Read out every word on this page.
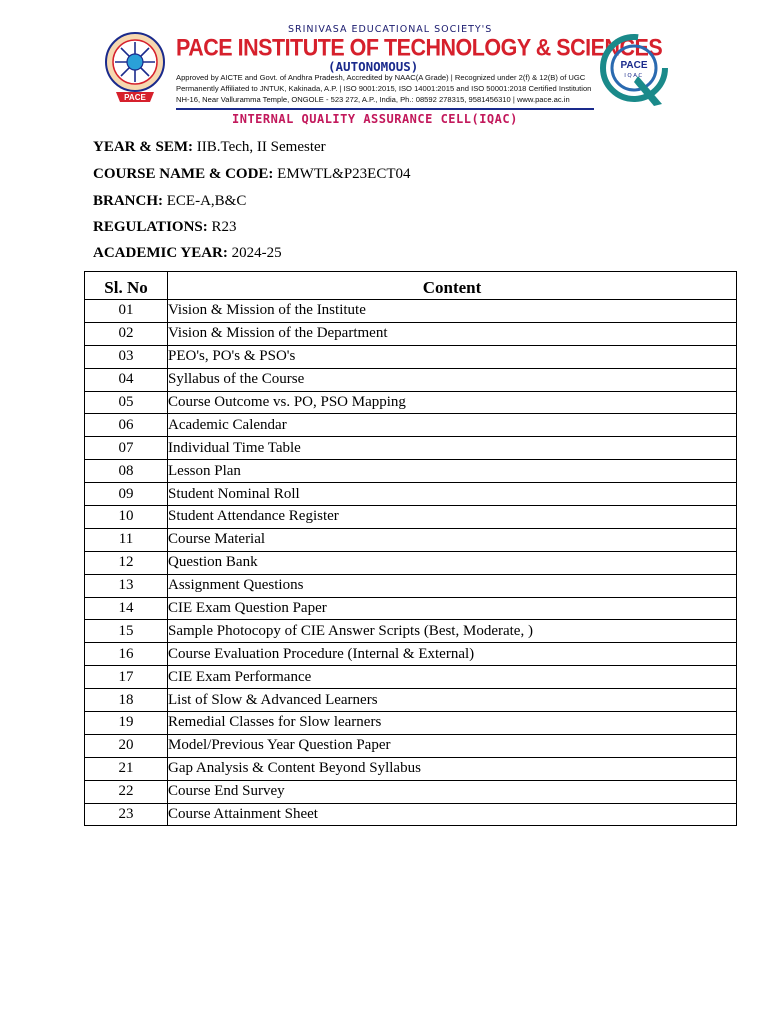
PACE
SRINIVASA EDUCATIONAL SOCIETY'S
PACE INSTITUTE OF TECHNOLOGY & SCIENCES
(AUTONOMOUS)
Approved by AICTE and Govt. of Andhra Pradesh, Accredited by NAAC(A Grade) | Recognized under 2(f) & 12(B) of UGC
Permanently Affiliated to JNTUK, Kakinada, A.P. | ISO 9001:2015, ISO 14001:2015 and ISO 50001:2018 Certified Institution
NH-16, Near Valluramma Temple, ONGOLE - 523 272, A.P., India, Ph.: 08592 278315, 9581456310 | www.pace.ac.in
INTERNAL QUALITY ASSURANCE CELL(IQAC)
PACE
IQAC
YEAR & SEM: IIB.Tech, II Semester
COURSE NAME & CODE: EMWTL&P23ECT04
BRANCH: ECE-A,B&C
REGULATIONS: R23
ACADEMIC YEAR: 2024-25
Sl. No	Content
01	Vision & Mission of the Institute
02	Vision & Mission of the Department
03	PEO's, PO's & PSO's
04	Syllabus of the Course
05	Course Outcome vs. PO, PSO Mapping
06	Academic Calendar
07	Individual Time Table
08	Lesson Plan
09	Student Nominal Roll
10	Student Attendance Register
11	Course Material
12	Question Bank
13	Assignment Questions
14	CIE Exam Question Paper
15	Sample Photocopy of CIE Answer Scripts (Best, Moderate, )
16	Course Evaluation Procedure (Internal & External)
17	CIE Exam Performance
18	List of Slow & Advanced Learners
19	Remedial Classes for Slow learners
20	Model/Previous Year Question Paper
21	Gap Analysis & Content Beyond Syllabus
22	Course End Survey
23	Course Attainment Sheet
